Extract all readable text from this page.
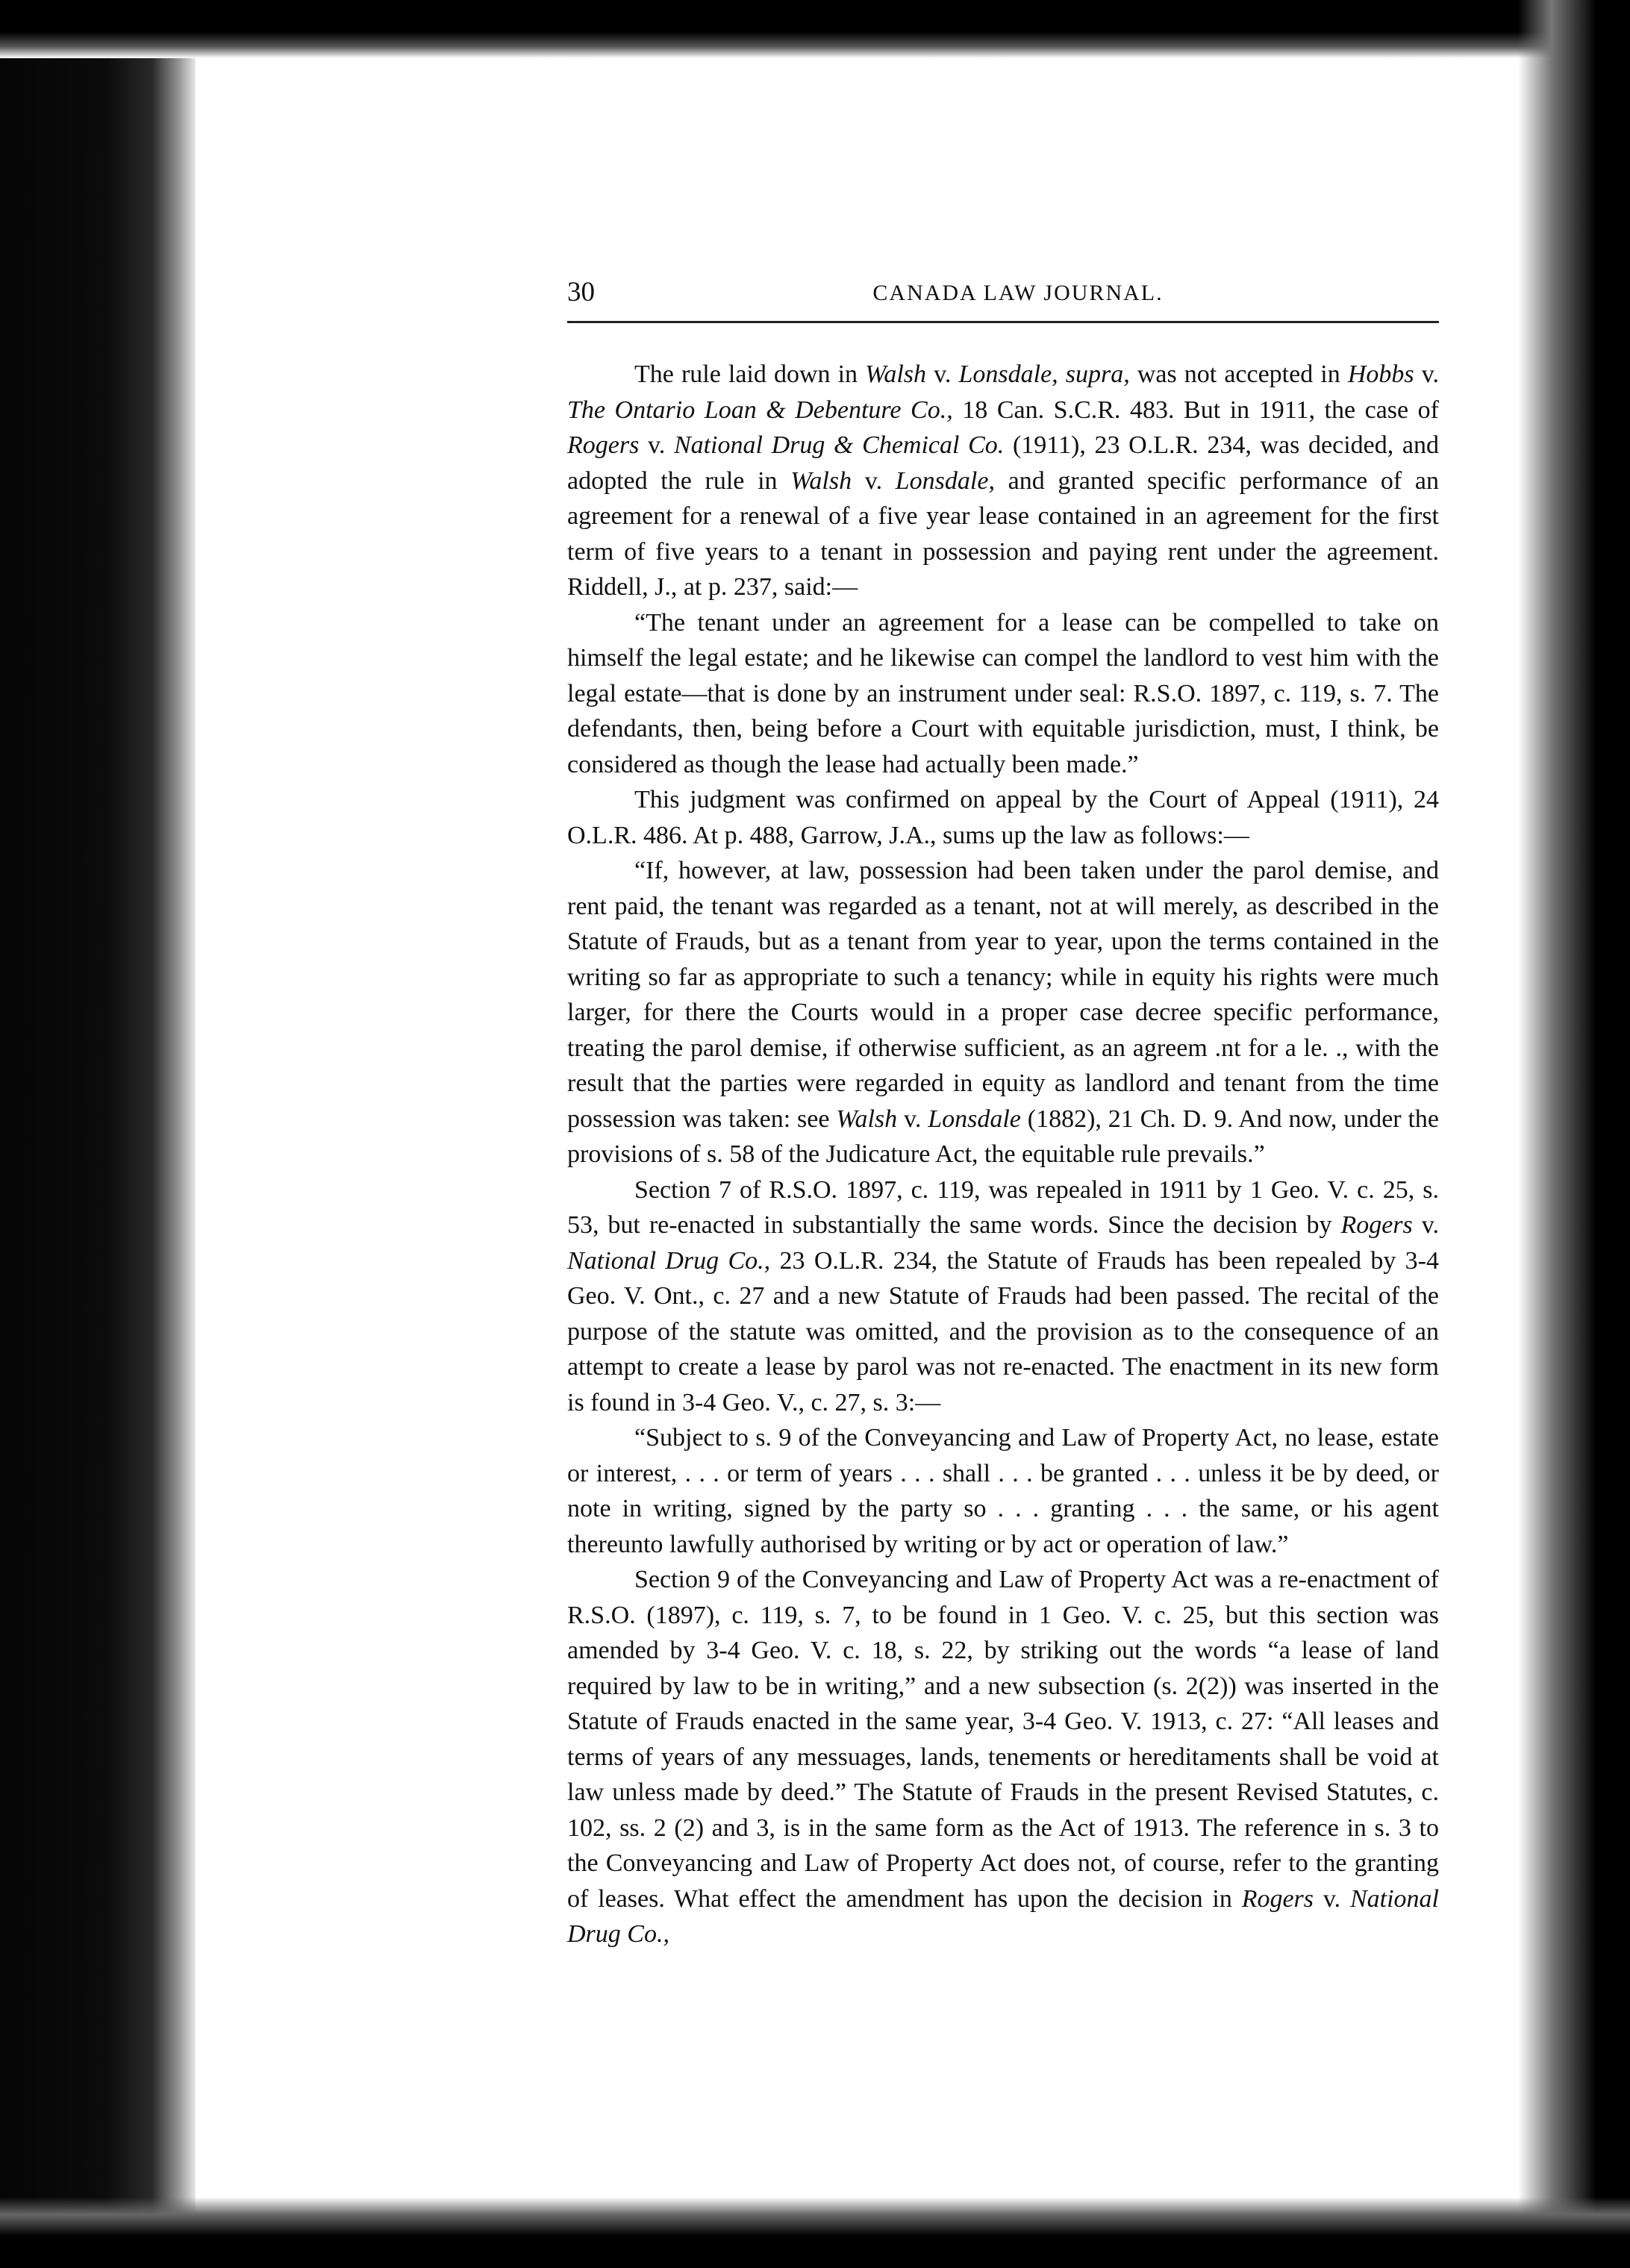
30	CANADA LAW JOURNAL.

The rule laid down in Walsh v. Lonsdale, supra, was not accepted in Hobbs v. The Ontario Loan & Debenture Co., 18 Can. S.C.R. 483. But in 1911, the case of Rogers v. National Drug & Chemical Co. (1911), 23 O.L.R. 234, was decided, and adopted the rule in Walsh v. Lonsdale, and granted specific performance of an agreement for a renewal of a five year lease contained in an agreement for the first term of five years to a tenant in possession and paying rent under the agreement. Riddell, J., at p. 237, said:—

“The tenant under an agreement for a lease can be compelled to take on himself the legal estate; and he likewise can compel the landlord to vest him with the legal estate—that is done by an instrument under seal: R.S.O. 1897, c. 119, s. 7. The defendants, then, being before a Court with equitable jurisdiction, must, I think, be considered as though the lease had actually been made.”

This judgment was confirmed on appeal by the Court of Appeal (1911), 24 O.L.R. 486. At p. 488, Garrow, J.A., sums up the law as follows:—

“If, however, at law, possession had been taken under the parol demise, and rent paid, the tenant was regarded as a tenant, not at will merely, as described in the Statute of Frauds, but as a tenant from year to year, upon the terms contained in the writing so far as appropriate to such a tenancy; while in equity his rights were much larger, for there the Courts would in a proper case decree specific performance, treating the parol demise, if otherwise sufficient, as an agreem .nt for a le. ., with the result that the parties were regarded in equity as landlord and tenant from the time possession was taken: see Walsh v. Lonsdale (1882), 21 Ch. D. 9. And now, under the provisions of s. 58 of the Judicature Act, the equitable rule prevails.”

Section 7 of R.S.O. 1897, c. 119, was repealed in 1911 by 1 Geo. V. c. 25, s. 53, but re-enacted in substantially the same words. Since the decision by Rogers v. National Drug Co., 23 O.L.R. 234, the Statute of Frauds has been repealed by 3-4 Geo. V. Ont., c. 27 and a new Statute of Frauds had been passed. The recital of the purpose of the statute was omitted, and the provision as to the consequence of an attempt to create a lease by parol was not re-enacted. The enactment in its new form is found in 3-4 Geo. V., c. 27, s. 3:—

“Subject to s. 9 of the Conveyancing and Law of Property Act, no lease, estate or interest, . . . or term of years . . . shall . . . be granted . . . unless it be by deed, or note in writing, signed by the party so . . . granting . . . the same, or his agent thereunto lawfully authorised by writing or by act or operation of law.”

Section 9 of the Conveyancing and Law of Property Act was a re-enactment of R.S.O. (1897), c. 119, s. 7, to be found in 1 Geo. V. c. 25, but this section was amended by 3-4 Geo. V. c. 18, s. 22, by striking out the words “a lease of land required by law to be in writing,” and a new subsection (s. 2(2)) was inserted in the Statute of Frauds enacted in the same year, 3-4 Geo. V. 1913, c. 27: “All leases and terms of years of any messuages, lands, tenements or hereditaments shall be void at law unless made by deed.” The Statute of Frauds in the present Revised Statutes, c. 102, ss. 2 (2) and 3, is in the same form as the Act of 1913. The reference in s. 3 to the Conveyancing and Law of Property Act does not, of course, refer to the granting of leases. What effect the amendment has upon the decision in Rogers v. National Drug Co.,
